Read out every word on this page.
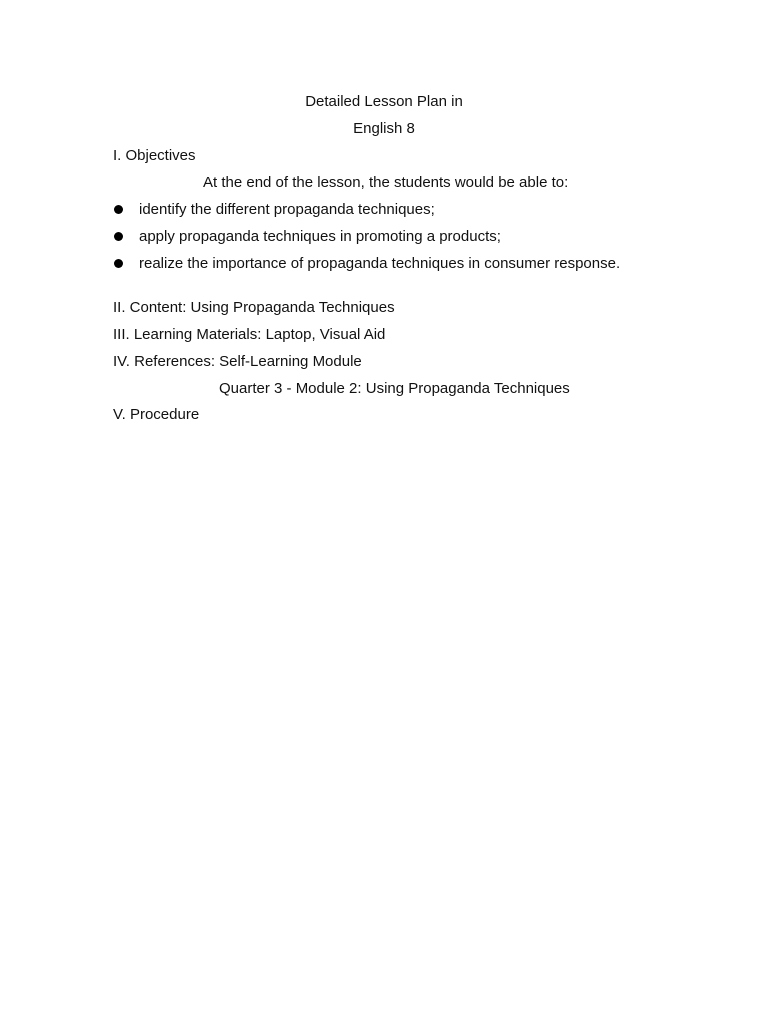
Detailed Lesson Plan in
English 8
I. Objectives
At the end of the lesson, the students would be able to:
identify the different propaganda techniques;
apply propaganda techniques in promoting a products;
realize the importance of propaganda techniques in consumer response.
II. Content: Using Propaganda Techniques
III. Learning Materials: Laptop, Visual Aid
IV. References: Self-Learning Module
Quarter 3 - Module 2: Using Propaganda Techniques
V. Procedure
